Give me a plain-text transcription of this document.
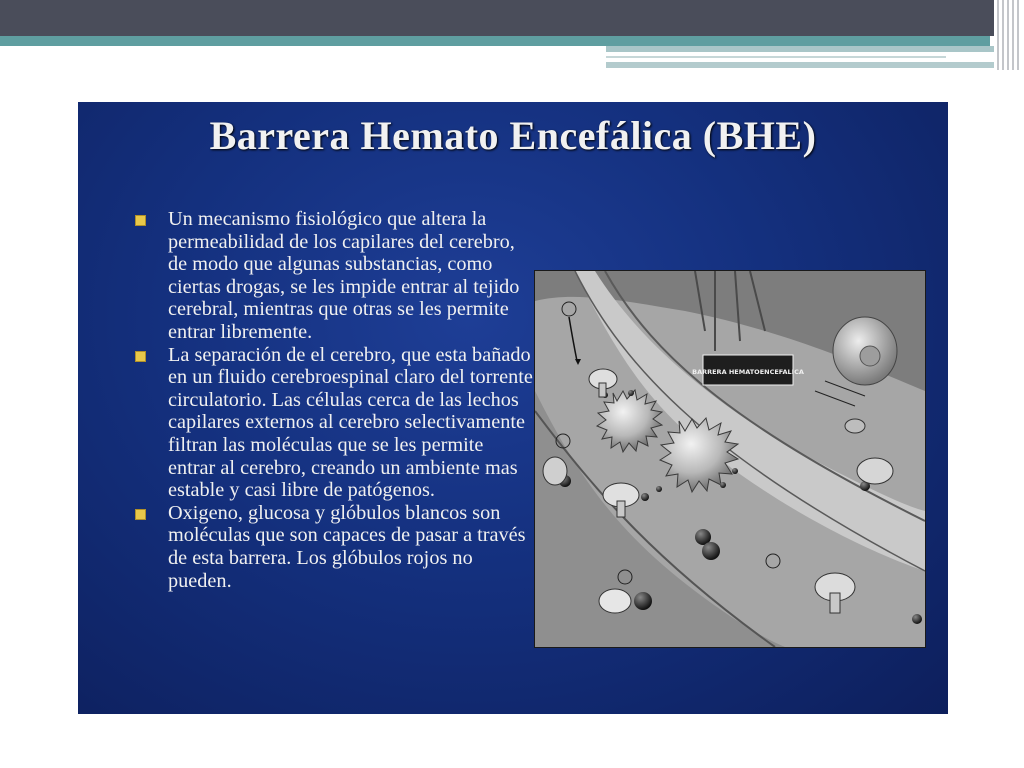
Barrera Hemato Encefálica (BHE)
Un mecanismo fisiológico que altera la permeabilidad de los capilares del cerebro, de modo que algunas substancias, como ciertas drogas, se les impide entrar al tejido cerebral, mientras que otras se les permite entrar libremente.
La separación de el cerebro, que esta bañado en un fluido cerebroespinal claro del torrente circulatorio. Las células cerca de las lechos capilares externos al cerebro selectivamente filtran las moléculas que se les permite entrar al cerebro, creando un ambiente mas estable y casi libre de patógenos.
Oxigeno, glucosa y glóbulos blancos son moléculas que son capaces de pasar a través de esta barrera. Los glóbulos rojos no pueden.
BARRERA HEMATOENCEFALICA
